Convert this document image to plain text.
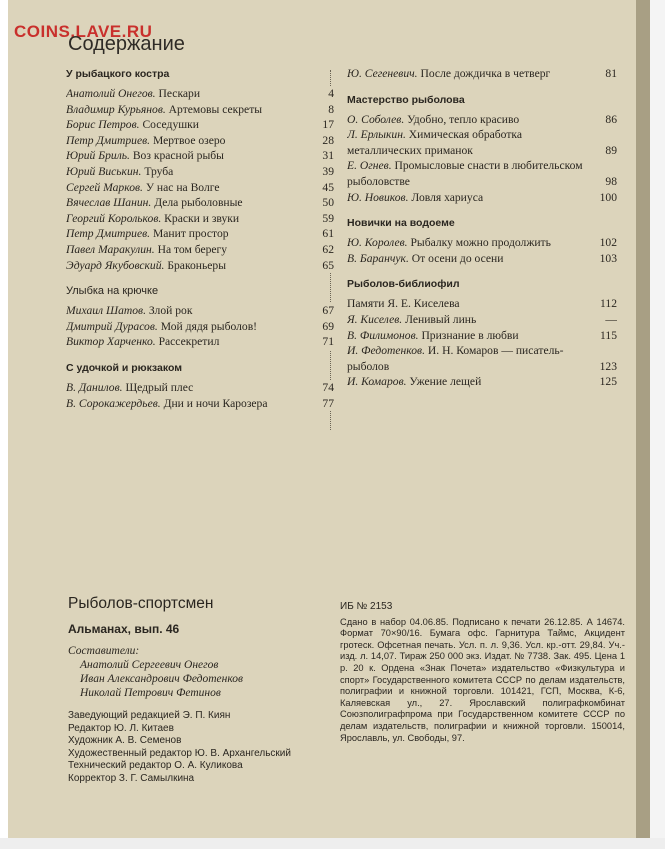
COINS.LAVE.RU
Содержание
У рыбацкого костра
Анатолий Онегов. Пескари	4
Владимир Курьянов. Артемовы секреты	8
Борис Петров. Соседушки	17
Петр Дмитриев. Мертвое озеро	28
Юрий Бриль. Воз красной рыбы	31
Юрий Виськин. Труба	39
Сергей Марков. У нас на Волге	45
Вячеслав Шанин. Дела рыболовные	50
Георгий Корольков. Краски и звуки	59
Петр Дмитриев. Манит простор	61
Павел Маракулин. На том берегу	62
Эдуард Якубовский. Браконьеры	65
Улыбка на крючке
Михаил Шатов. Злой рок	67
Дмитрий Дурасов. Мой дядя рыболов!	69
Виктор Харченко. Рассекретил	71
С удочкой и рюкзаком
В. Данилов. Щедрый плес	74
В. Сорокажердьев. Дни и ночи Карозера	77
Ю. Сегеневич. После дождичка в четверг	81
Мастерство рыболова
О. Соболев. Удобно, тепло красиво	86
Л. Ерлыкин. Химическая обработка металлических приманок	89
Е. Огнев. Промысловые снасти в любительском рыболовстве	98
Ю. Новиков. Ловля хариуса	100
Новички на водоеме
Ю. Королев. Рыбалку можно продолжить	102
В. Баранчук. От осени до осени	103
Рыболов-библиофил
Памяти Я. Е. Киселева	112
Я. Киселев. Ленивый линь	—
В. Филимонов. Признание в любви	115
И. Федотенков. И. Н. Комаров — писатель-рыболов	123
И. Комаров. Ужение лещей	125
Рыболов-спортсмен
Альманах, вып. 46
Составители:
Анатолий Сергеевич Онегов
Иван Александрович Федотенков
Николай Петрович Фетинов
Заведующий редакцией Э. П. Киян
Редактор Ю. Л. Китаев
Художник А. В. Семенов
Художественный редактор Ю. В. Архангельский
Технический редактор О. А. Куликова
Корректор З. Г. Самылкина
ИБ № 2153
Сдано в набор 04.06.85. Подписано к печати 26.12.85. А 14674. Формат 70×90/16. Бумага офс. Гарнитура Таймс, Акцидент гротеск. Офсетная печать. Усл. п. л. 9,36. Усл. кр.-отт. 29,84. Уч.-изд. л. 14,07. Тираж 250 000 экз. Издат. № 7738. Зак. 495. Цена 1 р. 20 к. Ордена «Знак Почета» издательство «Физкультура и спорт» Государственного комитета СССР по делам издательств, полиграфии и книжной торговли. 101421, ГСП, Москва, К-6, Каляевская ул., 27. Ярославский полиграфкомбинат Союзполиграфпрома при Государственном комитете СССР по делам издательств, полиграфии и книжной торговли. 150014, Ярославль, ул. Свободы, 97.
